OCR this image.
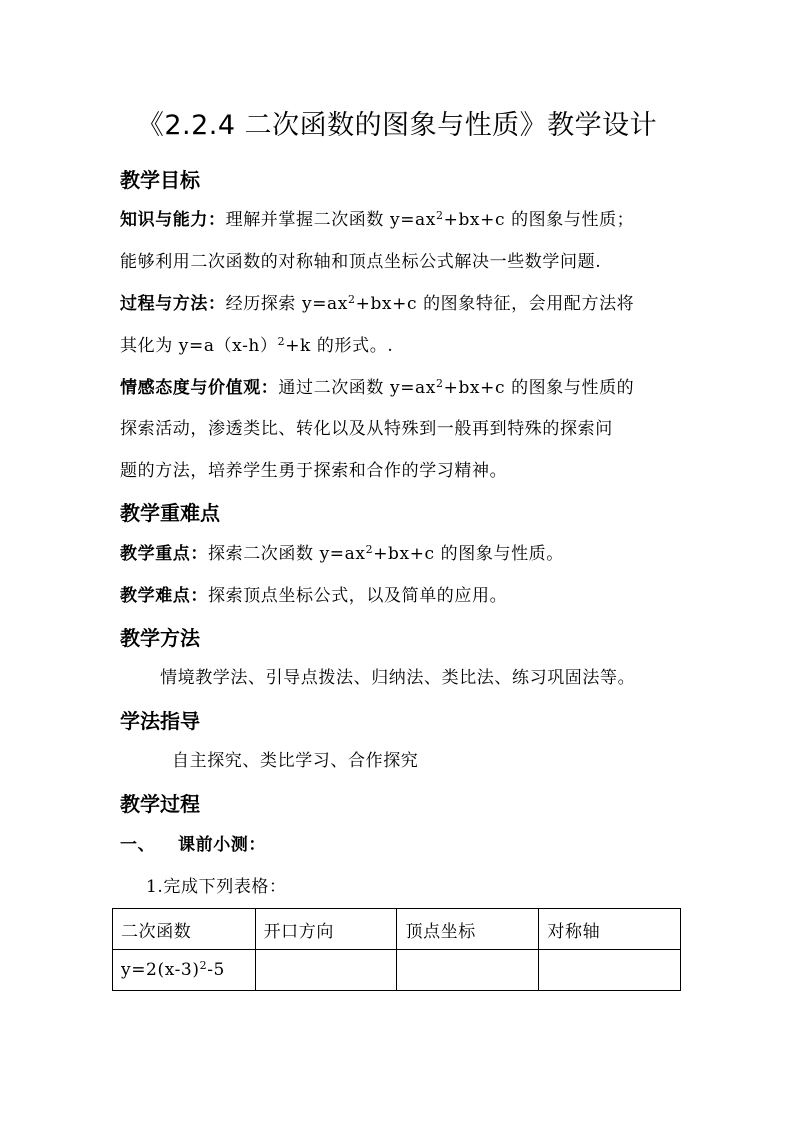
《2.2.4 二次函数的图象与性质》教学设计
教学目标
知识与能力：理解并掌握二次函数 $y=ax^2+bx+c$ 的图象与性质；
能够利用二次函数的对称轴和顶点坐标公式解决一些数学问题.
过程与方法：经历探索 $y=ax^2+bx+c$ 的图象特征，会用配方法将
其化为 $y=a(x-h)^2+k$ 的形式。.
情感态度与价值观：通过二次函数 $y=ax^2+bx+c$ 的图象与性质的
探索活动，渗透类比、转化以及从特殊到一般再到特殊的探索问
题的方法，培养学生勇于探索和合作的学习精神。
教学重难点
教学重点：探索二次函数 $y=ax^2+bx+c$ 的图象与性质。
教学难点：探索顶点坐标公式，以及简单的应用。
教学方法
情境教学法、引导点拨法、归纳法、类比法、练习巩固法等。
学法指导
自主探究、类比学习、合作探究
教学过程
一、 课前小测：
1.完成下列表格：
二次函数	开口方向	顶点坐标	对称轴
$y=2(x-3)^2-5$			
